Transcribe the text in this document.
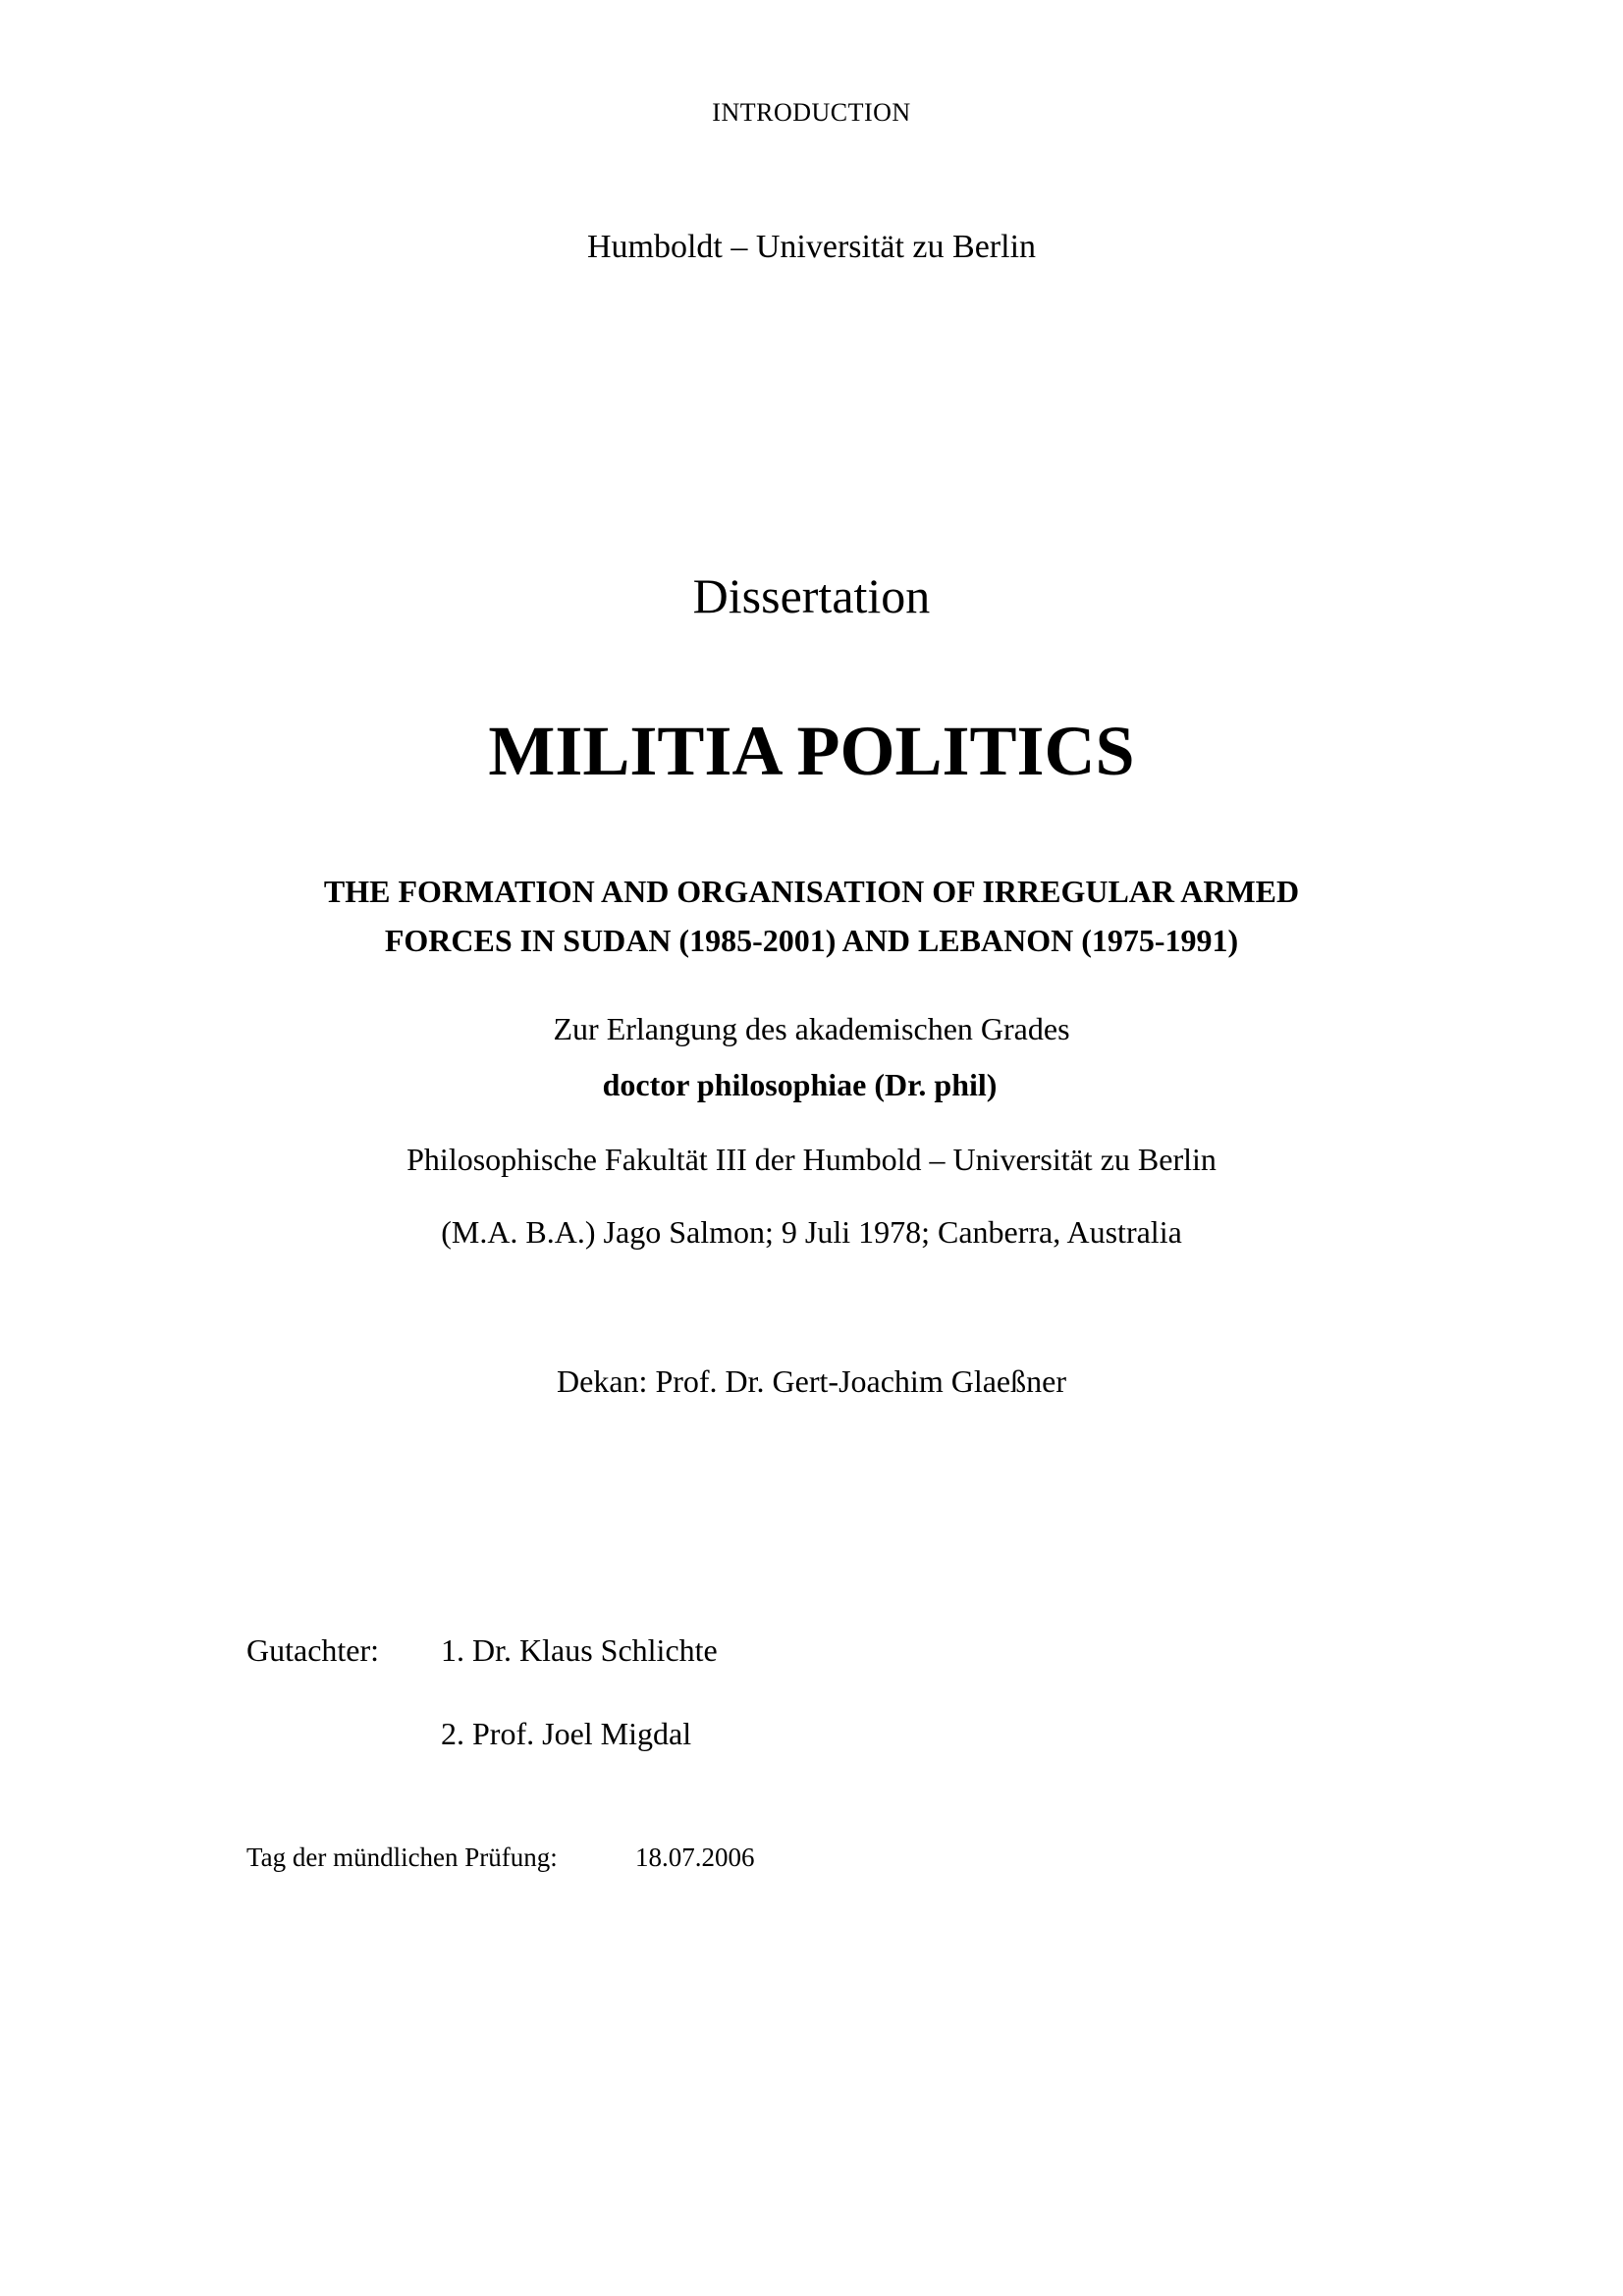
INTRODUCTION
Humboldt – Universität zu Berlin
Dissertation
MILITIA POLITICS
THE FORMATION AND ORGANISATION OF IRREGULAR ARMED
FORCES IN SUDAN (1985-2001) AND LEBANON (1975-1991)
Zur Erlangung des akademischen Grades
doctor philosophiae (Dr. phil)
Philosophische Fakultät III der Humbold – Universität zu Berlin
(M.A. B.A.) Jago Salmon; 9 Juli 1978; Canberra, Australia
Dekan: Prof. Dr. Gert-Joachim Glaeßner
Gutachter: 1. Dr. Klaus Schlichte
2. Prof. Joel Migdal
Tag der mündlichen Prüfung:	18.07.2006
